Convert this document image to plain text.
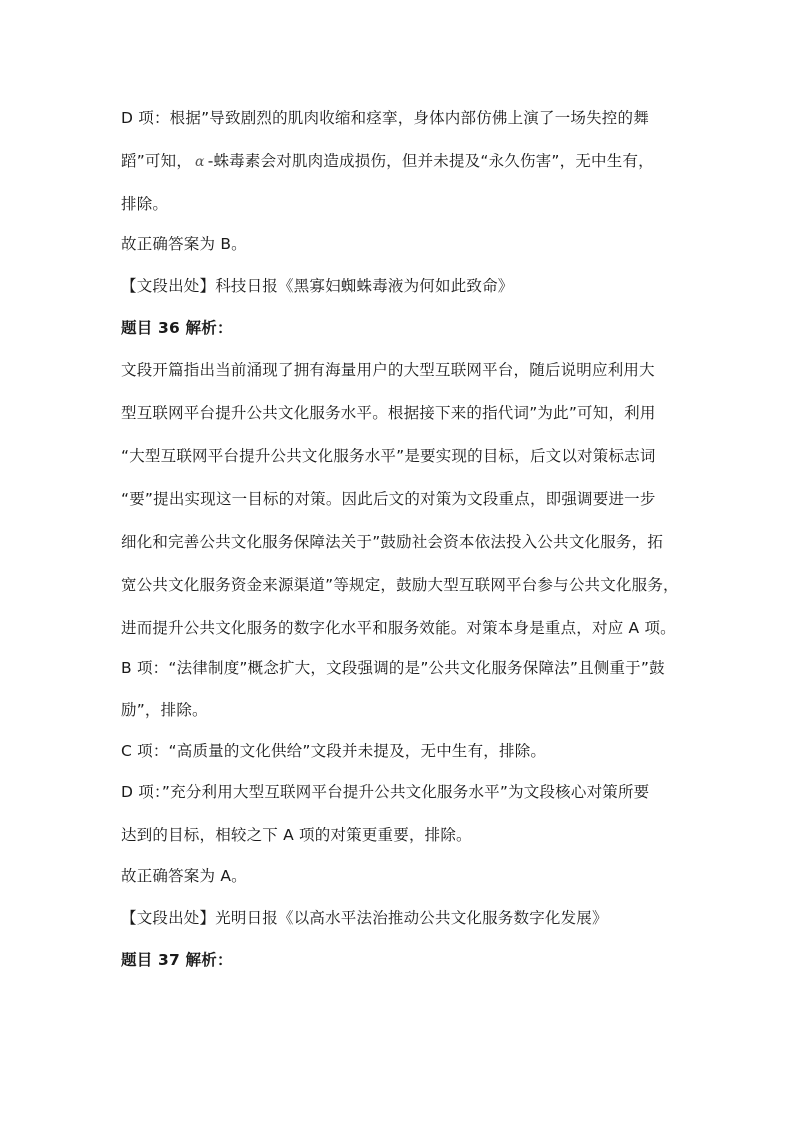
D 项：根据”导致剧烈的肌肉收缩和痉挛，身体内部仿佛上演了一场失控的舞
蹈”可知， α -蛛毒素会对肌肉造成损伤，但并未提及“永久伤害”，无中生有，
排除。
故正确答案为 B。
【文段出处】科技日报《黑寡妇蜘蛛毒液为何如此致命》
题目 36 解析：
文段开篇指出当前涌现了拥有海量用户的大型互联网平台，随后说明应利用大
型互联网平台提升公共文化服务水平。根据接下来的指代词”为此”可知，利用
“大型互联网平台提升公共文化服务水平”是要实现的目标，后文以对策标志词
“要”提出实现这一目标的对策。因此后文的对策为文段重点，即强调要进一步
细化和完善公共文化服务保障法关于”鼓励社会资本依法投入公共文化服务，拓
宽公共文化服务资金来源渠道”等规定，鼓励大型互联网平台参与公共文化服务，
进而提升公共文化服务的数字化水平和服务效能。对策本身是重点，对应 A 项。
B 项：“法律制度”概念扩大，文段强调的是”公共文化服务保障法”且侧重于”鼓
励”，排除。
C 项：“高质量的文化供给”文段并未提及，无中生有，排除。
D 项：”充分利用大型互联网平台提升公共文化服务水平”为文段核心对策所要
达到的目标，相较之下 A 项的对策更重要，排除。
故正确答案为 A。
【文段出处】光明日报《以高水平法治推动公共文化服务数字化发展》
题目 37 解析：
